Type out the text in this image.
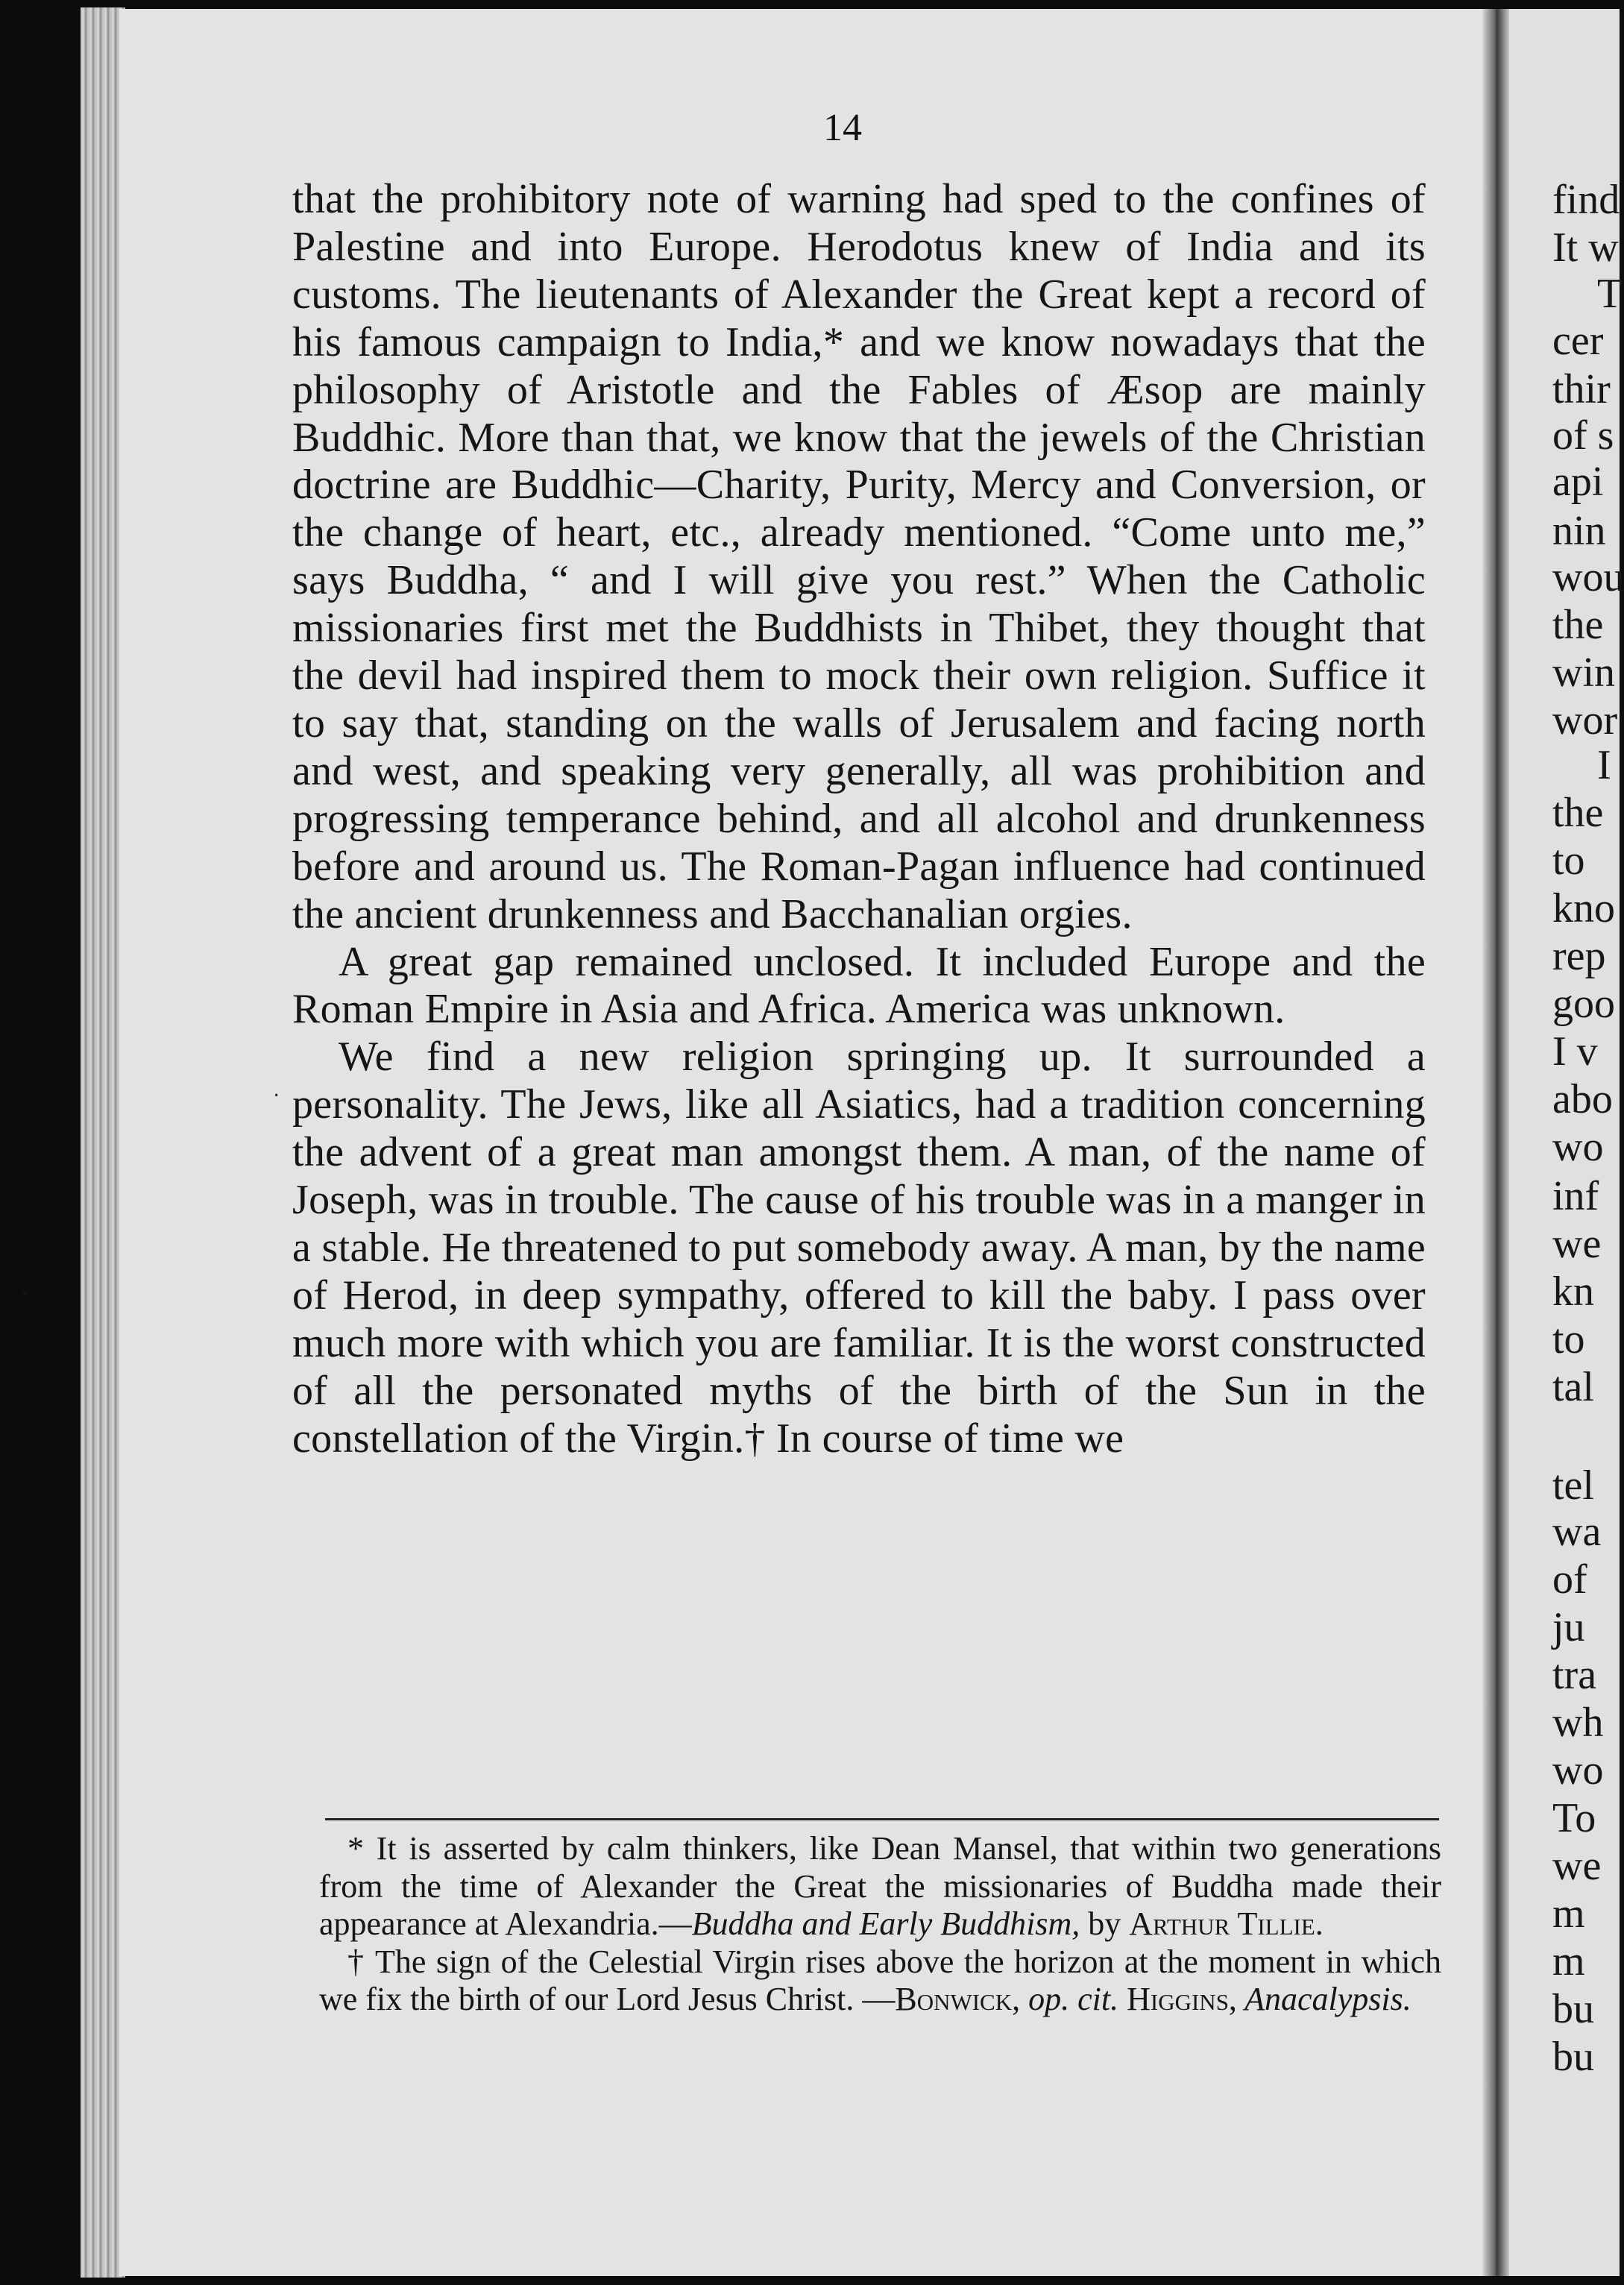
14

that the prohibitory note of warning had sped to the confines of Palestine and into Europe. Herodotus knew of India and its customs. The lieutenants of Alexander the Great kept a record of his famous campaign to India,* and we know nowadays that the philosophy of Aristotle and the Fables of Æsop are mainly Buddhic. More than that, we know that the jewels of the Christian doctrine are Buddhic—Charity, Purity, Mercy and Conversion, or the change of heart, etc., already mentioned. “Come unto me,” says Buddha, “ and I will give you rest.” When the Catholic missionaries first met the Buddhists in Thibet, they thought that the devil had inspired them to mock their own religion. Suffice it to say that, standing on the walls of Jerusalem and facing north and west, and speaking very generally, all was prohibition and progressing temperance behind, and all alcohol and drunkenness before and around us. The Roman-Pagan influence had continued the ancient drunkenness and Bacchanalian orgies.

A great gap remained unclosed. It included Europe and the Roman Empire in Asia and Africa. America was unknown.

We find a new religion springing up. It surrounded a personality. The Jews, like all Asiatics, had a tradition concerning the advent of a great man amongst them. A man, of the name of Joseph, was in trouble. The cause of his trouble was in a manger in a stable. He threatened to put somebody away. A man, by the name of Herod, in deep sympathy, offered to kill the baby. I pass over much more with which you are familiar. It is the worst constructed of all the personated myths of the birth of the Sun in the constellation of the Virgin.† In course of time we

* It is asserted by calm thinkers, like Dean Mansel, that within two generations from the time of Alexander the Great the missionaries of Buddha made their appearance at Alexandria.—Buddha and Early Buddhism, by Arthur Tillie.

† The sign of the Celestial Virgin rises above the horizon at the moment in which we fix the birth of our Lord Jesus Christ. —Bonwick, op. cit. Higgins, Anacalypsis.

find
It w
T
cer
thir
of s
api
nin
wou
the
win
wor
I
the
to
kno
rep
goo
I v
abo
wo
inf
we
kn
to
tal
tel
wa
of
ju
tra
wh
wo
To
we
m
m
bu
bu
•
·
